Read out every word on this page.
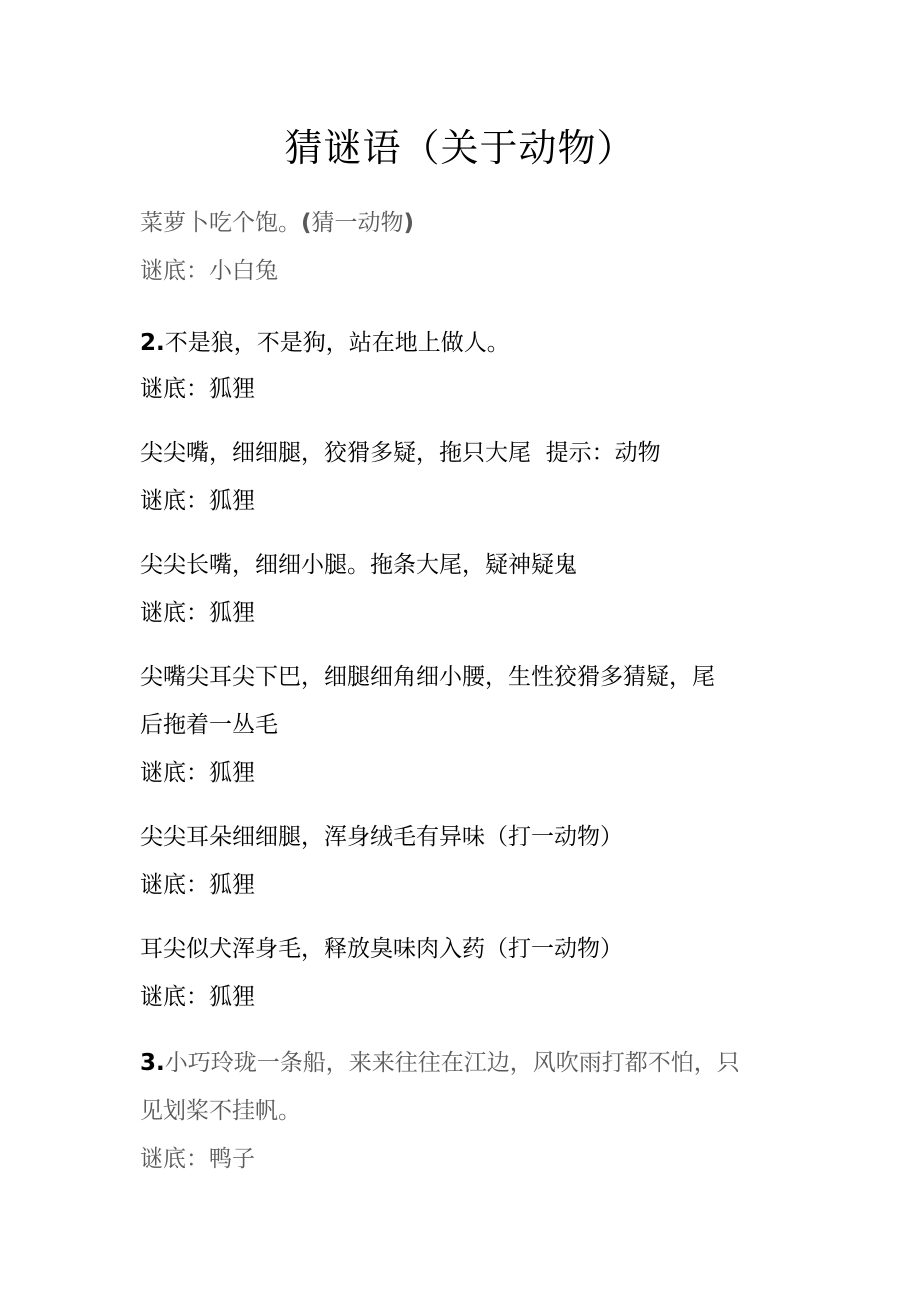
猜谜语（关于动物）
菜萝卜吃个饱。(猜一动物)
谜底：小白兔
2.不是狼，不是狗，站在地上做人。
谜底：狐狸
尖尖嘴，细细腿，狡猾多疑，拖只大尾  提示：动物
谜底：狐狸
尖尖长嘴，细细小腿。拖条大尾，疑神疑鬼
谜底：狐狸
尖嘴尖耳尖下巴，细腿细角细小腰，生性狡猾多猜疑，尾
后拖着一丛毛
谜底：狐狸
尖尖耳朵细细腿，浑身绒毛有异味（打一动物）
谜底：狐狸
耳尖似犬浑身毛，释放臭味肉入药（打一动物）
谜底：狐狸
3.小巧玲珑一条船，来来往往在江边，风吹雨打都不怕，只
见划桨不挂帆。
谜底：鸭子
